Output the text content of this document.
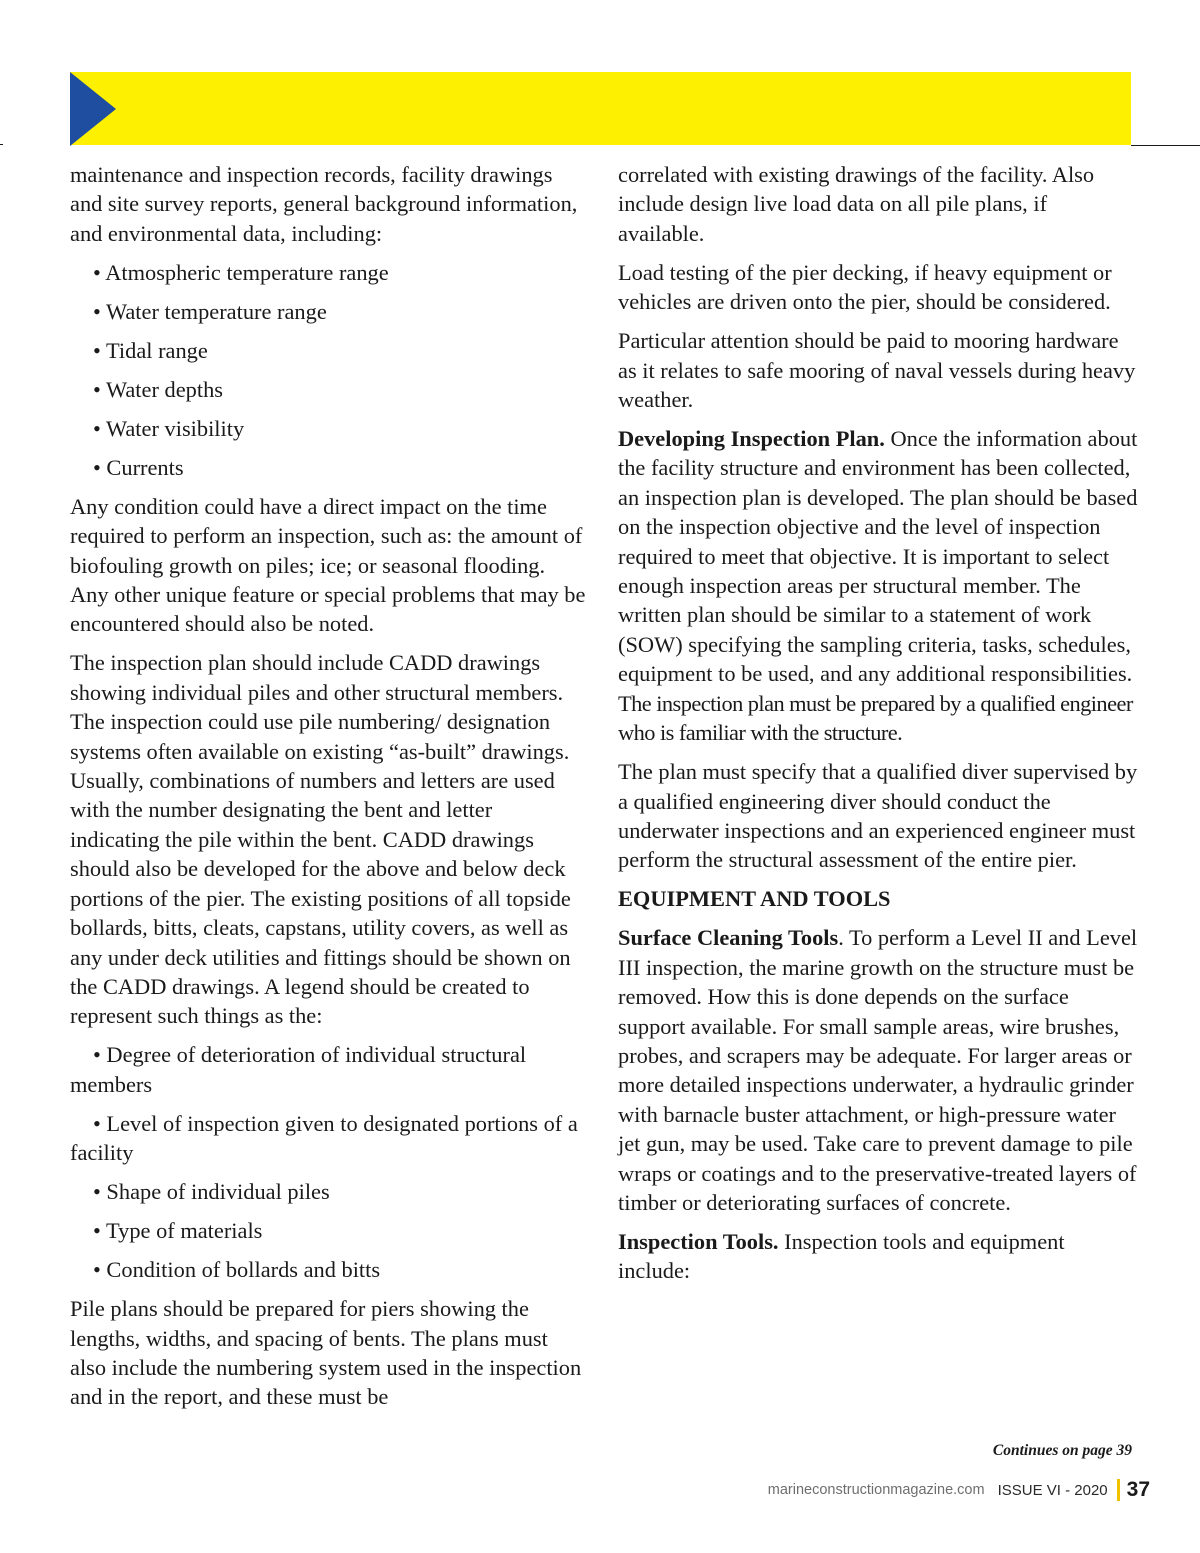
maintenance and inspection records, facility drawings and site survey reports, general background information, and environmental data, including:

• Atmospheric temperature range

• Water temperature range

• Tidal range

• Water depths

• Water visibility

• Currents

Any condition could have a direct impact on the time required to perform an inspection, such as: the amount of biofouling growth on piles; ice; or seasonal flooding. Any other unique feature or special problems that may be encountered should also be noted.

The inspection plan should include CADD drawings showing individual piles and other structural members. The inspection could use pile numbering/ designation systems often available on existing “as-built” drawings. Usually, combinations of numbers and letters are used with the number designating the bent and letter indicating the pile within the bent. CADD drawings should also be developed for the above and below deck portions of the pier. The existing positions of all topside bollards, bitts, cleats, capstans, utility covers, as well as any under deck utilities and fittings should be shown on the CADD drawings. A legend should be created to represent such things as the:

• Degree of deterioration of individual structural members

• Level of inspection given to designated portions of a facility

• Shape of individual piles

• Type of materials

• Condition of bollards and bitts

Pile plans should be prepared for piers showing the lengths, widths, and spacing of bents. The plans must also include the numbering system used in the inspection and in the report, and these must be

correlated with existing drawings of the facility. Also include design live load data on all pile plans, if available.

Load testing of the pier decking, if heavy equipment or vehicles are driven onto the pier, should be considered.

Particular attention should be paid to mooring hardware as it relates to safe mooring of naval vessels during heavy weather.

Developing Inspection Plan. Once the information about the facility structure and environment has been collected, an inspection plan is developed. The plan should be based on the inspection objective and the level of inspection required to meet that objective. It is important to select enough inspection areas per structural member. The written plan should be similar to a statement of work (SOW) specifying the sampling criteria, tasks, schedules, equipment to be used, and any additional responsibilities. The inspection plan must be prepared by a qualified engineer who is familiar with the structure.

The plan must specify that a qualified diver supervised by a qualified engineering diver should conduct the underwater inspections and an experienced engineer must perform the structural assessment of the entire pier.

EQUIPMENT AND TOOLS

Surface Cleaning Tools. To perform a Level II and Level III inspection, the marine growth on the structure must be removed. How this is done depends on the surface support available. For small sample areas, wire brushes, probes, and scrapers may be adequate. For larger areas or more detailed inspections underwater, a hydraulic grinder with barnacle buster attachment, or high-pressure water jet gun, may be used. Take care to prevent damage to pile wraps or coatings and to the preservative-treated layers of timber or deteriorating surfaces of concrete.

Inspection Tools. Inspection tools and equipment include:

Continues on page 39
marineconstructionmagazine.com ISSUE VI - 2020 37
